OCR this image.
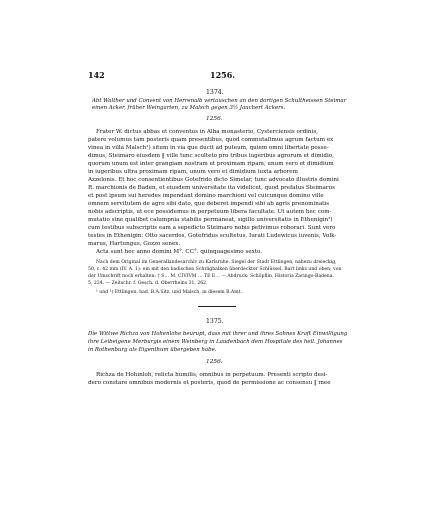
142	1256.
1374.
Abt Walther und Convent von Herrenalb vertauschen an den dortigen Schultheissen Steimar
einen Acker, früher Weingarten, zu Malsch gegen 3½ Jauchert Ackers.
1256.
Frater W. dictus abbas et conventus in Alba monasterio, Cysterciensis ordinis,
patere volumus tam posteris quam presentibus, quod commutaſimus agrum factum ex
vinea in villa Malsch¹) situm in via que ducit ad puteum, quiem omni libertate posse-
dimus, Steimaro eiusdem ‖ ville tunc sculteto pro tribus iugeribus agrorum et dimidio,
quorum unum est inter grangiam nostram et proximam ripam, unum vero et dimidium
in iugeribus ultra proximam ripam, unum vero et dimidium iuxta arborem
Azzelonis. Et hoc consentientibus Gotefrido dicto Simelar, tunc advocato illustris domini
R. marchionis de Baden, et eiusdem universitate ita videlicet, quod prefatus Steimarus
et post ipsum sui heredes impendant domino marchioni vel cuicunque domino ville
omnem servitutem de agro sibi dato, que deberet impendi sibi ab agris prenominatis
nobis adscriptis, ut ece possidemus in perpetuum libera facultate. Ut autem hec com-
mutatio sine qualibet calumpnia stabilis permaneat, sigillo universitatis in Ethenigin²)
cum testibus subscriptis eam a sepedicto Steimaro nobis petivimus roborari. Sunt vero
testes in Ethenigin: Otto sacerdos, Gotefridus scultetus, Iurati Ludewicus iuvenis, Volk-
marus, Hartungus, Gozzo senex.
Acta sunt hec anno domini M°. CC°. quinquagesimo sexto.
Nach dem Original im Generallandesarchiv zu Karlsruhe. Siegel der Stadt Ettlingen, nahezu dreieckig,
50, c. 42 mm (IV. A. 1): ein mit den badischen Schrägbalken überdeckter Schlüssel, Bart links und oben; von
der Umschrift noch erhalten: † S… M. CIVIVM … TE E… — Abdruck: Schöpflin, Historia Zaringo-Badena.
5, 234. — Zeitschr. f. Gesch. d. Oberrheins 31, 262.
¹ und ²) Ettlingen, bad. B.A.Sitz, und Malsch, in diesem B.Amt.
1375.
Die Wittwe Richza von Hohenlohe beurupt, dass mit ihrer und ihres Sohnes Kraft Einwilligung
ihre Leibeigene Merburgis einem Weinberg in Laudenbach dem Hospitale des heil. Johannes
in Rothenburg als Eigenthum übergeben habe.
1256.
Richza de Hohinloh, relicta humilis, omnibus in perpetuum. Presenti scripto desi-
dero constare omnibus modernis et posteris, quod de permissione ac consensu ‖ mee
